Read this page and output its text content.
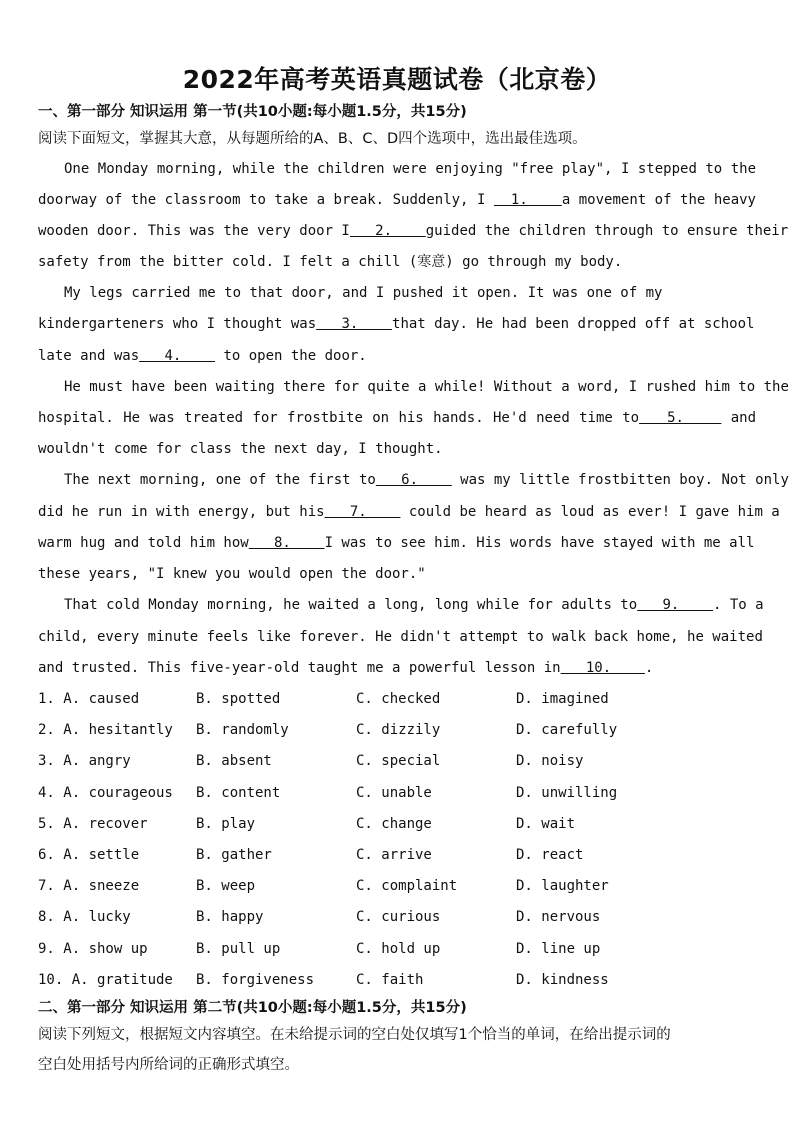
2022年高考英语真题试卷（北京卷）
一、第一部分 知识运用 第一节(共10小题:每小题1.5分，共15分)
阅读下面短文，掌握其大意，从每题所给的A、B、C、D四个选项中，选出最佳选项。
One Monday morning, while the children were enjoying "free play", I stepped to the
doorway of the classroom to take a break. Suddenly, I   1.    a movement of the heavy
wooden door. This was the very door I   2.    guided the children through to ensure their
safety from the bitter cold. I felt a chill (寒意) go through my body.
My legs carried me to that door, and I pushed it open. It was one of my
kindergarteners who I thought was   3.    that day. He had been dropped off at school
late and was   4.     to open the door.
He must have been waiting there for quite a while! Without a word, I rushed him to the
hospital. He was treated for frostbite on his hands. He'd need time to   5.     and
wouldn't come for class the next day, I thought.
The next morning, one of the first to   6.     was my little frostbitten boy. Not only
did he run in with energy, but his   7.     could be heard as loud as ever! I gave him a
warm hug and told him how   8.    I was to see him. His words have stayed with me all
these years, "I knew you would open the door."
That cold Monday morning, he waited a long, long while for adults to   9.    . To a
child, every minute feels like forever. He didn't attempt to walk back home, he waited
and trusted. This five-year-old taught me a powerful lesson in   10.    .
1. A. caused	B. spotted	C. checked	D. imagined
2. A. hesitantly B. randomly	C. dizzily	D. carefully
3. A. angry	B. absent	C. special	D. noisy
4. A. courageous B. content	C. unable	D. unwilling
5. A. recover	B. play	C. change	D. wait
6. A. settle	B. gather	C. arrive	D. react
7. A. sneeze	B. weep	C. complaint	D. laughter
8. A. lucky	B. happy	C. curious	D. nervous
9. A. show up	B. pull up	C. hold up	D. line up
10. A. gratitude B. forgiveness	C. faith	D. kindness
二、第一部分 知识运用 第二节(共10小题:每小题1.5分，共15分)
阅读下列短文，根据短文内容填空。在未给提示词的空白处仅填写1个恰当的单词，在给出提示词的
空白处用括号内所给词的正确形式填空。
